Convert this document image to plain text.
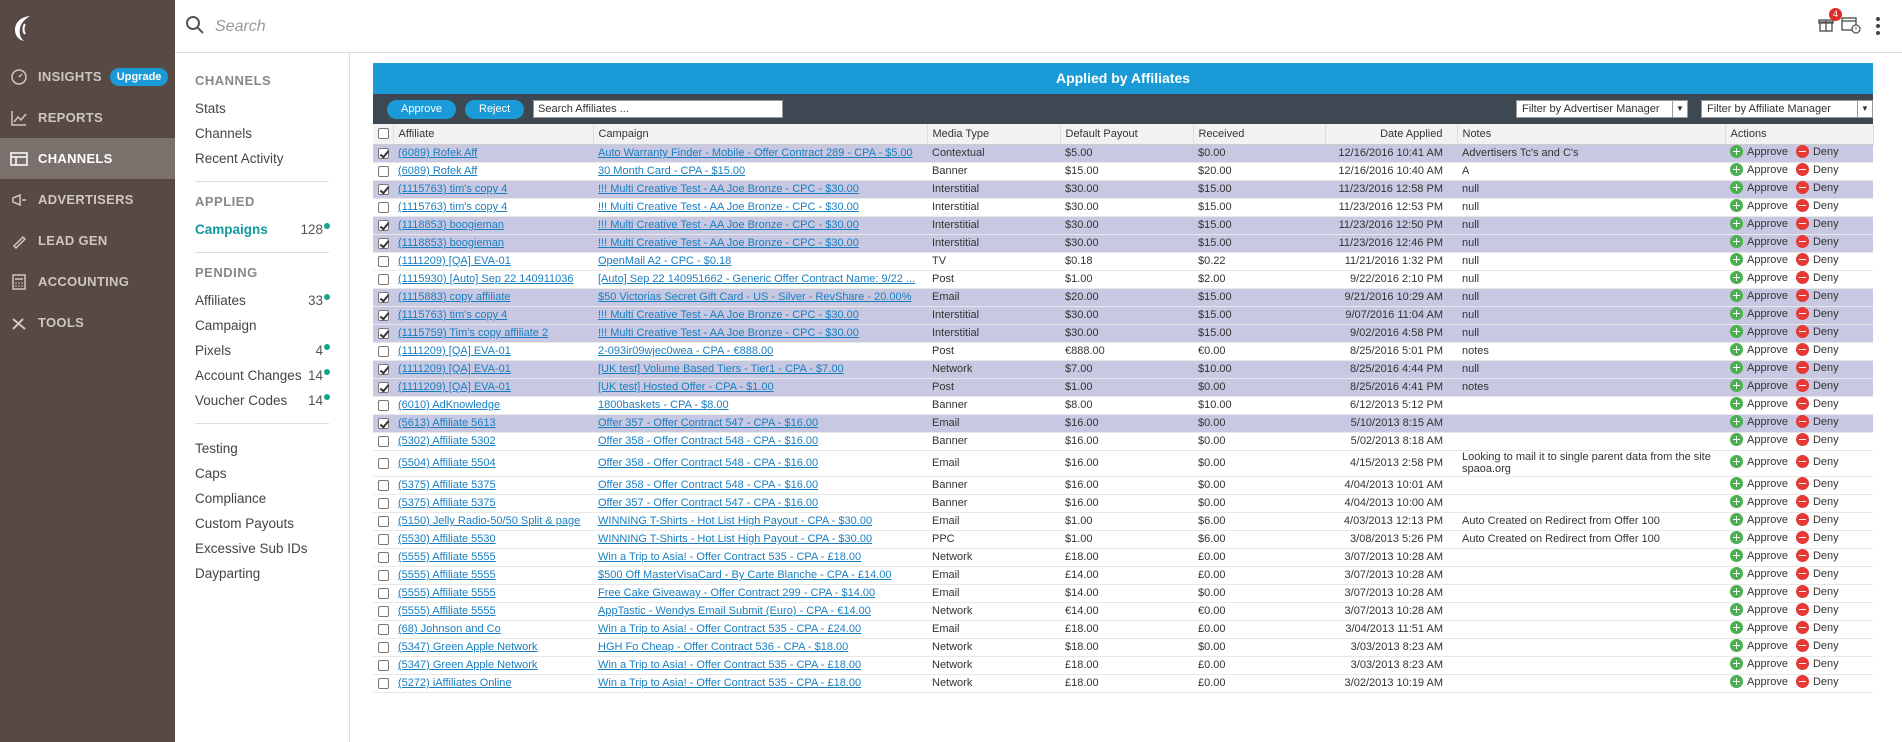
INSIGHTS	Upgrade
REPORTS
CHANNELS
ADVERTISERS
LEAD GEN
ACCOUNTING
TOOLS
Search
4
CHANNELS
Stats
Channels
Recent Activity
APPLIED
Campaigns 128
PENDING
Affiliates	33
Campaign
Pixels	4
Account Changes 14
Voucher Codes 14
Testing
Caps
Compliance
Custom Payouts
Excessive Sub IDs
Dayparting
Applied by Affiliates
Approve	Reject
Search Affiliates ...	Filter by Advertiser Manager	▼	Filter by Affiliate Manager	▼
	Affiliate	Campaign	Media Type	Default Payout	Received	Date Applied	Notes	Actions
	(6089) Rofek Aff	Auto Warranty Finder - Mobile - Offer Contract 289 - CPA - $5.00	Contextual	$5.00	$0.00	12/16/2016 10:41 AM	Advertisers Tc's and C's	Approve Deny

	(6089) Rofek Aff	30 Month Card - CPA - $15.00	Banner	$15.00	$20.00	12/16/2016 10:40 AM	A	Approve Deny

	(1115763) tim's copy 4	!!! Multi Creative Test - AA Joe Bronze - CPC - $30.00	Interstitial	$30.00	$15.00	11/23/2016 12:58 PM	null	Approve Deny

	(1115763) tim's copy 4	!!! Multi Creative Test - AA Joe Bronze - CPC - $30.00	Interstitial	$30.00	$15.00	11/23/2016 12:53 PM	null	Approve Deny

	(1118853) boogieman	!!! Multi Creative Test - AA Joe Bronze - CPC - $30.00	Interstitial	$30.00	$15.00	11/23/2016 12:50 PM	null	Approve Deny

	(1118853) boogieman	!!! Multi Creative Test - AA Joe Bronze - CPC - $30.00	Interstitial	$30.00	$15.00	11/23/2016 12:46 PM	null	Approve Deny

	(1111209) [QA] EVA-01	OpenMail A2 - CPC - $0.18	TV	$0.18	$0.22	11/21/2016 1:32 PM	null	Approve Deny

	(1115930) [Auto] Sep 22 140911036	[Auto] Sep 22 140951662 - Generic Offer Contract Name: 9/22 ...	Post	$1.00	$2.00	9/22/2016 2:10 PM	null	Approve Deny

	(1115883) copy affiliate	$50 Victorias Secret Gift Card - US - Silver - RevShare - 20.00%	Email	$20.00	$15.00	9/21/2016 10:29 AM	null	Approve Deny

	(1115763) tim's copy 4	!!! Multi Creative Test - AA Joe Bronze - CPC - $30.00	Interstitial	$30.00	$15.00	9/07/2016 11:04 AM	null	Approve Deny

	(1115759) Tim's copy affiliate 2	!!! Multi Creative Test - AA Joe Bronze - CPC - $30.00	Interstitial	$30.00	$15.00	9/02/2016 4:58 PM	null	Approve Deny

	(1111209) [QA] EVA-01	2-093ir09wjec0wea - CPA - €888.00	Post	€888.00	€0.00	8/25/2016 5:01 PM	notes	Approve Deny

	(1111209) [QA] EVA-01	[UK test] Volume Based Tiers - Tier1 - CPA - $7.00	Network	$7.00	$10.00	8/25/2016 4:44 PM	null	Approve Deny

	(1111209) [QA] EVA-01	[UK test] Hosted Offer - CPA - $1.00	Post	$1.00	$0.00	8/25/2016 4:41 PM	notes	Approve Deny

	(6010) AdKnowledge	1800baskets - CPA - $8.00	Banner	$8.00	$10.00	6/12/2013 5:12 PM		Approve Deny

	(5613) Affiliate 5613	Offer 357 - Offer Contract 547 - CPA - $16.00	Email	$16.00	$0.00	5/10/2013 8:15 AM		Approve Deny

	(5302) Affiliate 5302	Offer 358 - Offer Contract 548 - CPA - $16.00	Banner	$16.00	$0.00	5/02/2013 8:18 AM		Approve Deny

	(5504) Affiliate 5504	Offer 358 - Offer Contract 548 - CPA - $16.00	Email	$16.00	$0.00	4/15/2013 2:58 PM	Looking to mail it to single parent data from the site spaoa.org	Approve Deny

	(5375) Affiliate 5375	Offer 358 - Offer Contract 548 - CPA - $16.00	Banner	$16.00	$0.00	4/04/2013 10:01 AM		Approve Deny

	(5375) Affiliate 5375	Offer 357 - Offer Contract 547 - CPA - $16.00	Banner	$16.00	$0.00	4/04/2013 10:00 AM		Approve Deny

	(5150) Jelly Radio-50/50 Split & page	WINNING T-Shirts - Hot List High Payout - CPA - $30.00	Email	$1.00	$6.00	4/03/2013 12:13 PM	Auto Created on Redirect from Offer 100	Approve Deny

	(5530) Affiliate 5530	WINNING T-Shirts - Hot List High Payout - CPA - $30.00	PPC	$1.00	$6.00	3/08/2013 5:26 PM	Auto Created on Redirect from Offer 100	Approve Deny

	(5555) Affiliate 5555	Win a Trip to Asia! - Offer Contract 535 - CPA - £18.00	Network	£18.00	£0.00	3/07/2013 10:28 AM		Approve Deny

	(5555) Affiliate 5555	$500 Off MasterVisaCard - By Carte Blanche - CPA - £14.00	Email	£14.00	£0.00	3/07/2013 10:28 AM		Approve Deny

	(5555) Affiliate 5555	Free Cake Giveaway - Offer Contract 299 - CPA - $14.00	Email	$14.00	$0.00	3/07/2013 10:28 AM		Approve Deny

	(5555) Affiliate 5555	AppTastic - Wendys Email Submit (Euro) - CPA - €14.00	Network	€14.00	€0.00	3/07/2013 10:28 AM		Approve Deny

	(68) Johnson and Co	Win a Trip to Asia! - Offer Contract 535 - CPA - £24.00	Email	£18.00	£0.00	3/04/2013 11:51 AM		Approve Deny

	(5347) Green Apple Network	HGH Fo Cheap - Offer Contract 536 - CPA - $18.00	Network	$18.00	$0.00	3/03/2013 8:23 AM		Approve Deny

	(5347) Green Apple Network	Win a Trip to Asia! - Offer Contract 535 - CPA - £18.00	Network	£18.00	£0.00	3/03/2013 8:23 AM		Approve Deny

	(5272) iAffiliates Online	Win a Trip to Asia! - Offer Contract 535 - CPA - £18.00	Network	£18.00	£0.00	3/02/2013 10:19 AM		Approve Deny
